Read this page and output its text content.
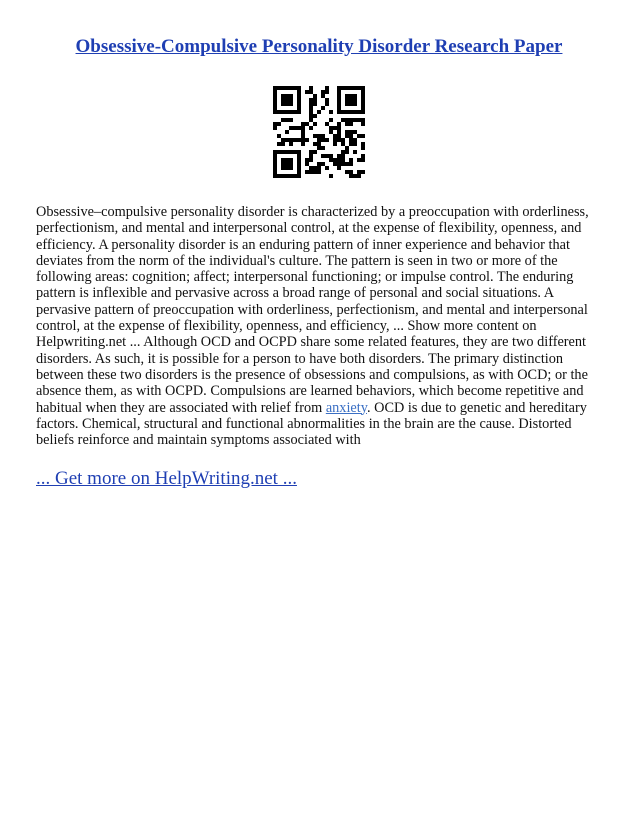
Obsessive-Compulsive Personality Disorder Research Paper
Obsessive–compulsive personality disorder is characterized by a preoccupation with orderliness, perfectionism, and mental and interpersonal control, at the expense of flexibility, openness, and efficiency. A personality disorder is an enduring pattern of inner experience and behavior that deviates from the norm of the individual's culture. The pattern is seen in two or more of the following areas: cognition; affect; interpersonal functioning; or impulse control. The enduring pattern is inflexible and pervasive across a broad range of personal and social situations. A pervasive pattern of preoccupation with orderliness, perfectionism, and mental and interpersonal control, at the expense of flexibility, openness, and efficiency, ... Show more content on Helpwriting.net ... Although OCD and OCPD share some related features, they are two different disorders. As such, it is possible for a person to have both disorders. The primary distinction between these two disorders is the presence of obsessions and compulsions, as with OCD; or the absence them, as with OCPD. Compulsions are learned behaviors, which become repetitive and habitual when they are associated with relief from anxiety. OCD is due to genetic and hereditary factors. Chemical, structural and functional abnormalities in the brain are the cause. Distorted beliefs reinforce and maintain symptoms associated with
... Get more on HelpWriting.net ...
